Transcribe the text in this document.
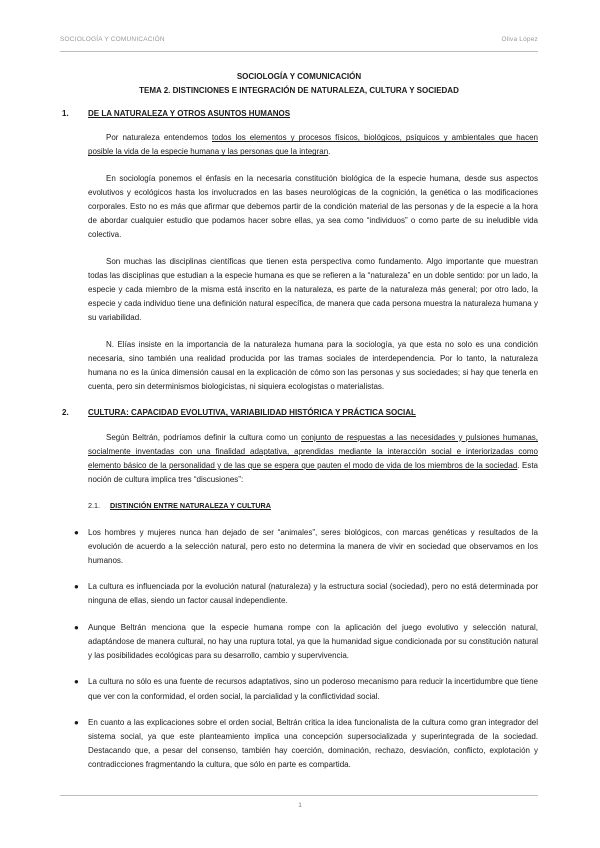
SOCIOLOGÍA Y COMUNICACIÓN	Oliva López
SOCIOLOGÍA Y COMUNICACIÓN
TEMA 2. DISTINCIONES E INTEGRACIÓN DE NATURALEZA, CULTURA Y SOCIEDAD
1. DE LA NATURALEZA Y OTROS ASUNTOS HUMANOS

Por naturaleza entendemos todos los elementos y procesos físicos, biológicos, psíquicos y ambientales que hacen posible la vida de la especie humana y las personas que la integran.

En sociología ponemos el énfasis en la necesaria constitución biológica de la especie humana, desde sus aspectos evolutivos y ecológicos hasta los involucrados en las bases neurológicas de la cognición, la genética o las modificaciones corporales. Esto no es más que afirmar que debemos partir de la condición material de las personas y de la especie a la hora de abordar cualquier estudio que podamos hacer sobre ellas, ya sea como “individuos” o como parte de su ineludible vida colectiva.

Son muchas las disciplinas científicas que tienen esta perspectiva como fundamento. Algo importante que muestran todas las disciplinas que estudian a la especie humana es que se refieren a la “naturaleza” en un doble sentido: por un lado, la especie y cada miembro de la misma está inscrito en la naturaleza, es parte de la naturaleza más general; por otro lado, la especie y cada individuo tiene una definición natural específica, de manera que cada persona muestra la naturaleza humana y su variabilidad.

N. Elías insiste en la importancia de la naturaleza humana para la sociología, ya que esta no solo es una condición necesaria, sino también una realidad producida por las tramas sociales de interdependencia. Por lo tanto, la naturaleza humana no es la única dimensión causal en la explicación de cómo son las personas y sus sociedades; si hay que tenerla en cuenta, pero sin determinismos biologicistas, ni siquiera ecologistas o materialistas.

2. CULTURA: CAPACIDAD EVOLUTIVA, VARIABILIDAD HISTÓRICA Y PRÁCTICA SOCIAL

Según Beltrán, podríamos definir la cultura como un conjunto de respuestas a las necesidades y pulsiones humanas, socialmente inventadas con una finalidad adaptativa, aprendidas mediante la interacción social e interiorizadas como elemento básico de la personalidad y de las que se espera que pauten el modo de vida de los miembros de la sociedad. Esta noción de cultura implica tres “discusiones”:

2.1. DISTINCIÓN ENTRE NATURALEZA Y CULTURA
● Los hombres y mujeres nunca han dejado de ser “animales”, seres biológicos, con marcas genéticas y resultados de la evolución de acuerdo a la selección natural, pero esto no determina la manera de vivir en sociedad que observamos en los humanos.
● La cultura es influenciada por la evolución natural (naturaleza) y la estructura social (sociedad), pero no está determinada por ninguna de ellas, siendo un factor causal independiente.
● Aunque Beltrán menciona que la especie humana rompe con la aplicación del juego evolutivo y selección natural, adaptándose de manera cultural, no hay una ruptura total, ya que la humanidad sigue condicionada por su constitución natural y las posibilidades ecológicas para su desarrollo, cambio y supervivencia.
● La cultura no sólo es una fuente de recursos adaptativos, sino un poderoso mecanismo para reducir la incertidumbre que tiene que ver con la conformidad, el orden social, la parcialidad y la conflictividad social.
● En cuanto a las explicaciones sobre el orden social, Beltrán critica la idea funcionalista de la cultura como gran integrador del sistema social, ya que este planteamiento implica una concepción supersocializada y superintegrada de la sociedad. Destacando que, a pesar del consenso, también hay coerción, dominación, rechazo, desviación, conflicto, explotación y contradicciones fragmentando la cultura, que sólo en parte es compartida.
1
